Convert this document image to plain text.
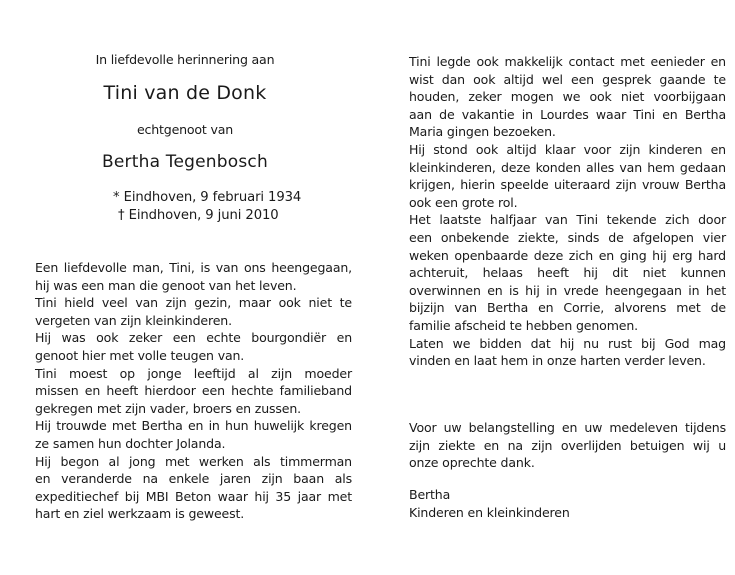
In liefdevolle herinnering aan
Tini van de Donk
echtgenoot van
Bertha Tegenbosch
* Eindhoven, 9 februari 1934
† Eindhoven, 9 juni 2010
Een liefdevolle man, Tini, is van ons heengegaan,
hij was een man die genoot van het leven.
Tini hield veel van zijn gezin, maar ook niet te
vergeten van zijn kleinkinderen.
Hij was ook zeker een echte bourgondiër en
genoot hier met volle teugen van.
Tini moest op jonge leeftijd al zijn moeder
missen en heeft hierdoor een hechte familieband
gekregen met zijn vader, broers en zussen.
Hij trouwde met Bertha en in hun huwelijk kregen
ze samen hun dochter Jolanda.
Hij begon al jong met werken als timmerman
en veranderde na enkele jaren zijn baan als
expeditiechef bij MBI Beton waar hij 35 jaar met
hart en ziel werkzaam is geweest.
Tini legde ook makkelijk contact met eenieder en
wist dan ook altijd wel een gesprek gaande te
houden, zeker mogen we ook niet voorbijgaan
aan de vakantie in Lourdes waar Tini en Bertha
Maria gingen bezoeken.
Hij stond ook altijd klaar voor zijn kinderen en
kleinkinderen, deze konden alles van hem gedaan
krijgen, hierin speelde uiteraard zijn vrouw Bertha
ook een grote rol.
Het laatste halfjaar van Tini tekende zich door
een onbekende ziekte, sinds de afgelopen vier
weken openbaarde deze zich en ging hij erg hard
achteruit, helaas heeft hij dit niet kunnen
overwinnen en is hij in vrede heengegaan in het
bijzijn van Bertha en Corrie, alvorens met de
familie afscheid te hebben genomen.
Laten we bidden dat hij nu rust bij God mag
vinden en laat hem in onze harten verder leven.
Voor uw belangstelling en uw medeleven tijdens
zijn ziekte en na zijn overlijden betuigen wij u
onze oprechte dank.
Bertha
Kinderen en kleinkinderen
